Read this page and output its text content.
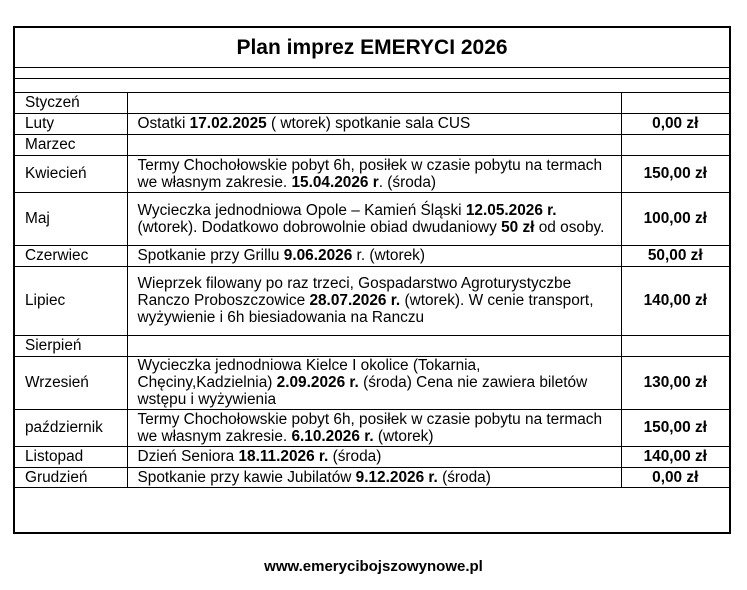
Plan imprez EMERYCI 2026		

Styczeń		
Luty	Ostatki 17.02.2025 ( wtorek) spotkanie sala CUS	0,00 zł
Marzec		
Kwiecień	Termy Chochołowskie pobyt 6h, posiłek w czasie pobytu na termach we własnym zakresie. 15.04.2026 r. (środa)	150,00 zł
Maj	Wycieczka jednodniowa Opole – Kamień Śląski 12.05.2026 r. (wtorek). Dodatkowo dobrowolnie obiad dwudaniowy 50 zł od osoby.	100,00 zł
Czerwiec	Spotkanie przy Grillu 9.06.2026 r. (wtorek)	50,00 zł
Lipiec	Wieprzek filowany po raz trzeci, Gospadarstwo Agroturystyczbe Ranczo Proboszczowice 28.07.2026 r. (wtorek). W cenie transport, wyżywienie i 6h biesiadowania na Ranczu	140,00 zł
Sierpień		
Wrzesień	Wycieczka jednodniowa Kielce I okolice (Tokarnia, Chęciny,Kadzielnia) 2.09.2026 r. (środa) Cena nie zawiera biletów wstępu i wyżywienia	130,00 zł
październik	Termy Chochołowskie pobyt 6h, posiłek w czasie pobytu na termach we własnym zakresie. 6.10.2026 r. (wtorek)	150,00 zł
Listopad	Dzień Seniora 18.11.2026 r. (środa)	140,00 zł
Grudzień	Spotkanie przy kawie Jubilatów 9.12.2026 r. (środa)	0,00 zł
www.emerycibojszowynowe.pl
